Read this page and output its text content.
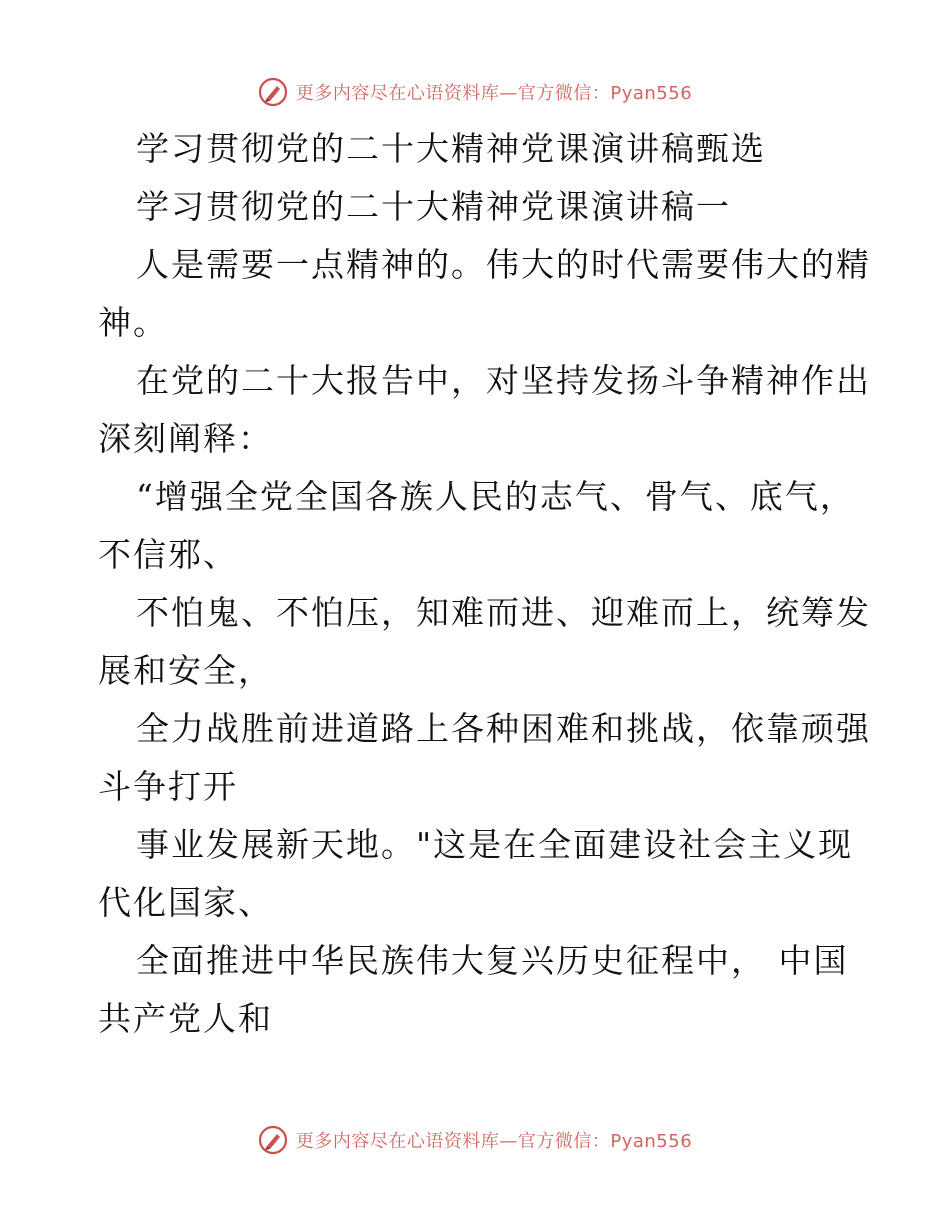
更多内容尽在心语资料库—官方微信：Pyan556
学习贯彻党的二十大精神党课演讲稿甄选
学习贯彻党的二十大精神党课演讲稿一
人是需要一点精神的。伟大的时代需要伟大的精
神。
在党的二十大报告中，对坚持发扬斗争精神作出
深刻阐释：
“增强全党全国各族人民的志气、骨气、底气，
不信邪、
不怕鬼、不怕压，知难而进、迎难而上，统筹发
展和安全，
全力战胜前进道路上各种困难和挑战，依靠顽强
斗争打开
事业发展新天地。"这是在全面建设社会主义现
代化国家、
全面推进中华民族伟大复兴历史征程中， 中国
共产党人和
更多内容尽在心语资料库—官方微信：Pyan556
